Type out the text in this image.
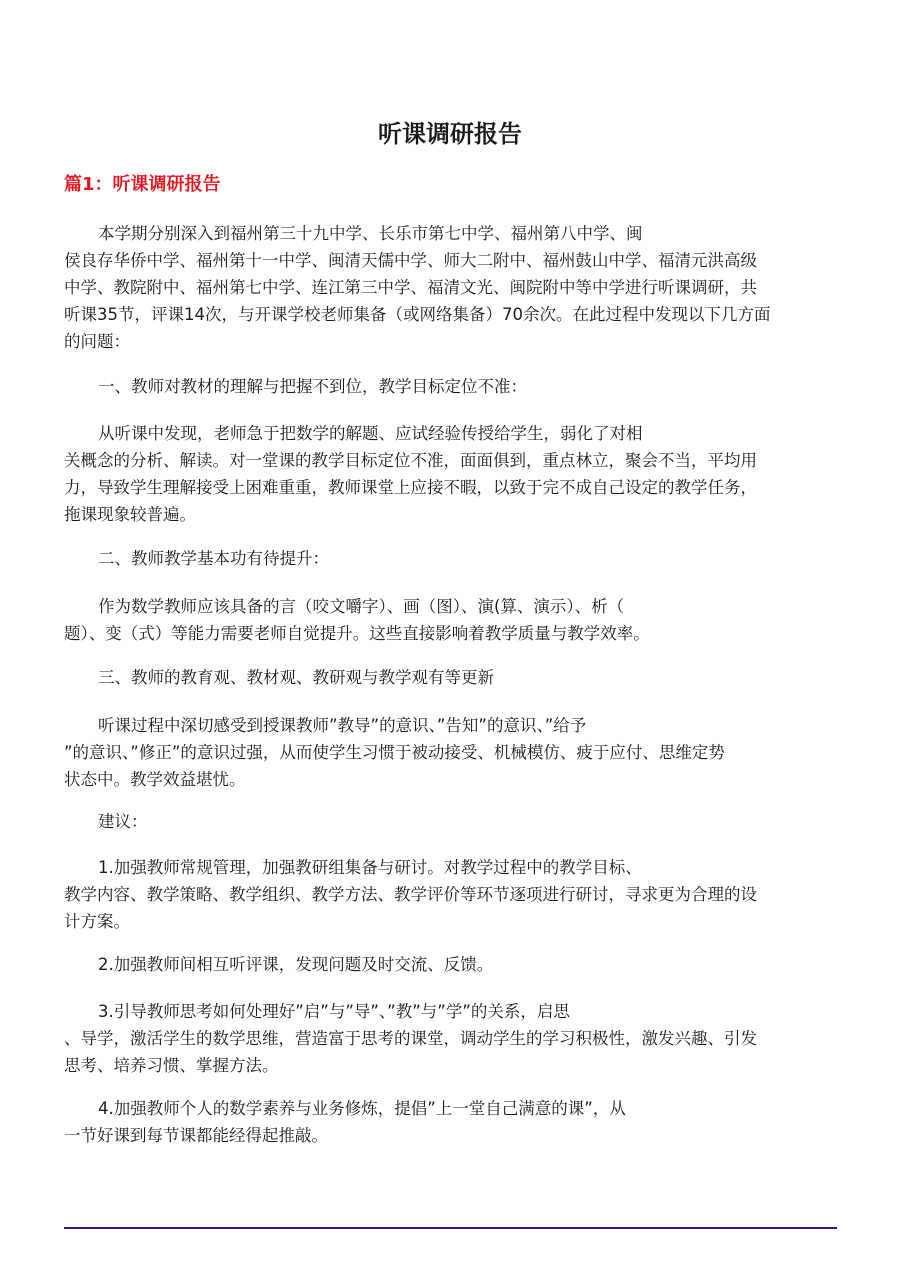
听课调研报告
篇1：听课调研报告
本学期分别深入到福州第三十九中学、长乐市第七中学、福州第八中学、闽
侯良存华侨中学、福州第十一中学、闽清天儒中学、师大二附中、福州鼓山中学、福清元洪高级
中学、教院附中、福州第七中学、连江第三中学、福清文光、闽院附中等中学进行听课调研，共
听课35节，评课14次，与开课学校老师集备（或网络集备）70余次。在此过程中发现以下几方面
的问题：
一、教师对教材的理解与把握不到位，教学目标定位不准：
从听课中发现，老师急于把数学的解题、应试经验传授给学生，弱化了对相
关概念的分析、解读。对一堂课的教学目标定位不准，面面俱到，重点林立，聚会不当，平均用
力，导致学生理解接受上困难重重，教师课堂上应接不暇，以致于完不成自己设定的教学任务，
拖课现象较普遍。
二、教师教学基本功有待提升：
作为数学教师应该具备的言（咬文嚼字）、画（图）、演(算、演示）、析（
题）、变（式）等能力需要老师自觉提升。这些直接影响着教学质量与教学效率。
三、教师的教育观、教材观、教研观与教学观有等更新
听课过程中深切感受到授课教师”教导”的意识、”告知”的意识、”给予
”的意识、”修正”的意识过强，从而使学生习惯于被动接受、机械模仿、疲于应付、思维定势
状态中。教学效益堪忧。
建议：
1.加强教师常规管理，加强教研组集备与研讨。对教学过程中的教学目标、
教学内容、教学策略、教学组织、教学方法、教学评价等环节逐项进行研讨，寻求更为合理的设
计方案。
2.加强教师间相互听评课，发现问题及时交流、反馈。
3.引导教师思考如何处理好”启”与”导”、”教”与”学”的关系，启思
、导学，激活学生的数学思维，营造富于思考的课堂，调动学生的学习积极性，激发兴趣、引发
思考、培养习惯、掌握方法。
4.加强教师个人的数学素养与业务修炼，提倡”上一堂自己满意的课”，从
一节好课到每节课都能经得起推敲。
